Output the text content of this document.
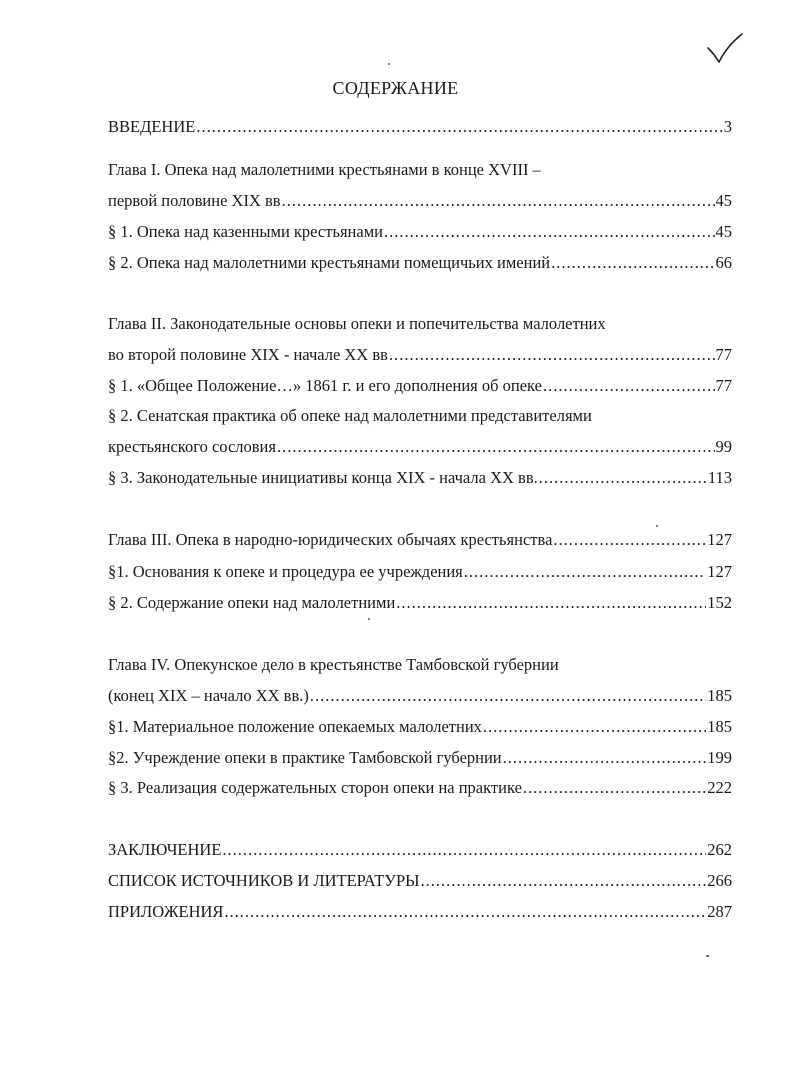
СОДЕРЖАНИЕ
ВВЕДЕНИЕ .....	3
Глава I. Опека над малолетними крестьянами в конце XVIII –
первой половине XIX вв .....	45
§ 1. Опека над казенными крестьянами .....	45
§ 2. Опека над малолетними крестьянами помещичьих имений .....	66
Глава II. Законодательные основы опеки и попечительства малолетних
во второй половине XIX - начале XX вв .....	77
§ 1. «Общее Положение…» 1861 г. и его дополнения об опеке .....	77
§ 2. Сенатская практика об опеке над малолетними представителями
крестьянского сословия .....	99
§ 3. Законодательные инициативы конца XIX - начала XX вв. .....	113
Глава III. Опека в народно-юридических обычаях крестьянства .....	127
§1. Основания к опеке и процедура ее учреждения .....	127
§ 2. Содержание опеки над малолетними .....	152
Глава IV. Опекунское дело в крестьянстве Тамбовской губернии
(конец XIX – начало XX вв.) .....	185
§1. Материальное положение опекаемых малолетних .....	185
§2. Учреждение опеки в практике Тамбовской губернии .....	199
§ 3. Реализация содержательных сторон опеки на практике .....	222
ЗАКЛЮЧЕНИЕ .....	262
СПИСОК ИСТОЧНИКОВ И ЛИТЕРАТУРЫ .....	266
ПРИЛОЖЕНИЯ .....	287
